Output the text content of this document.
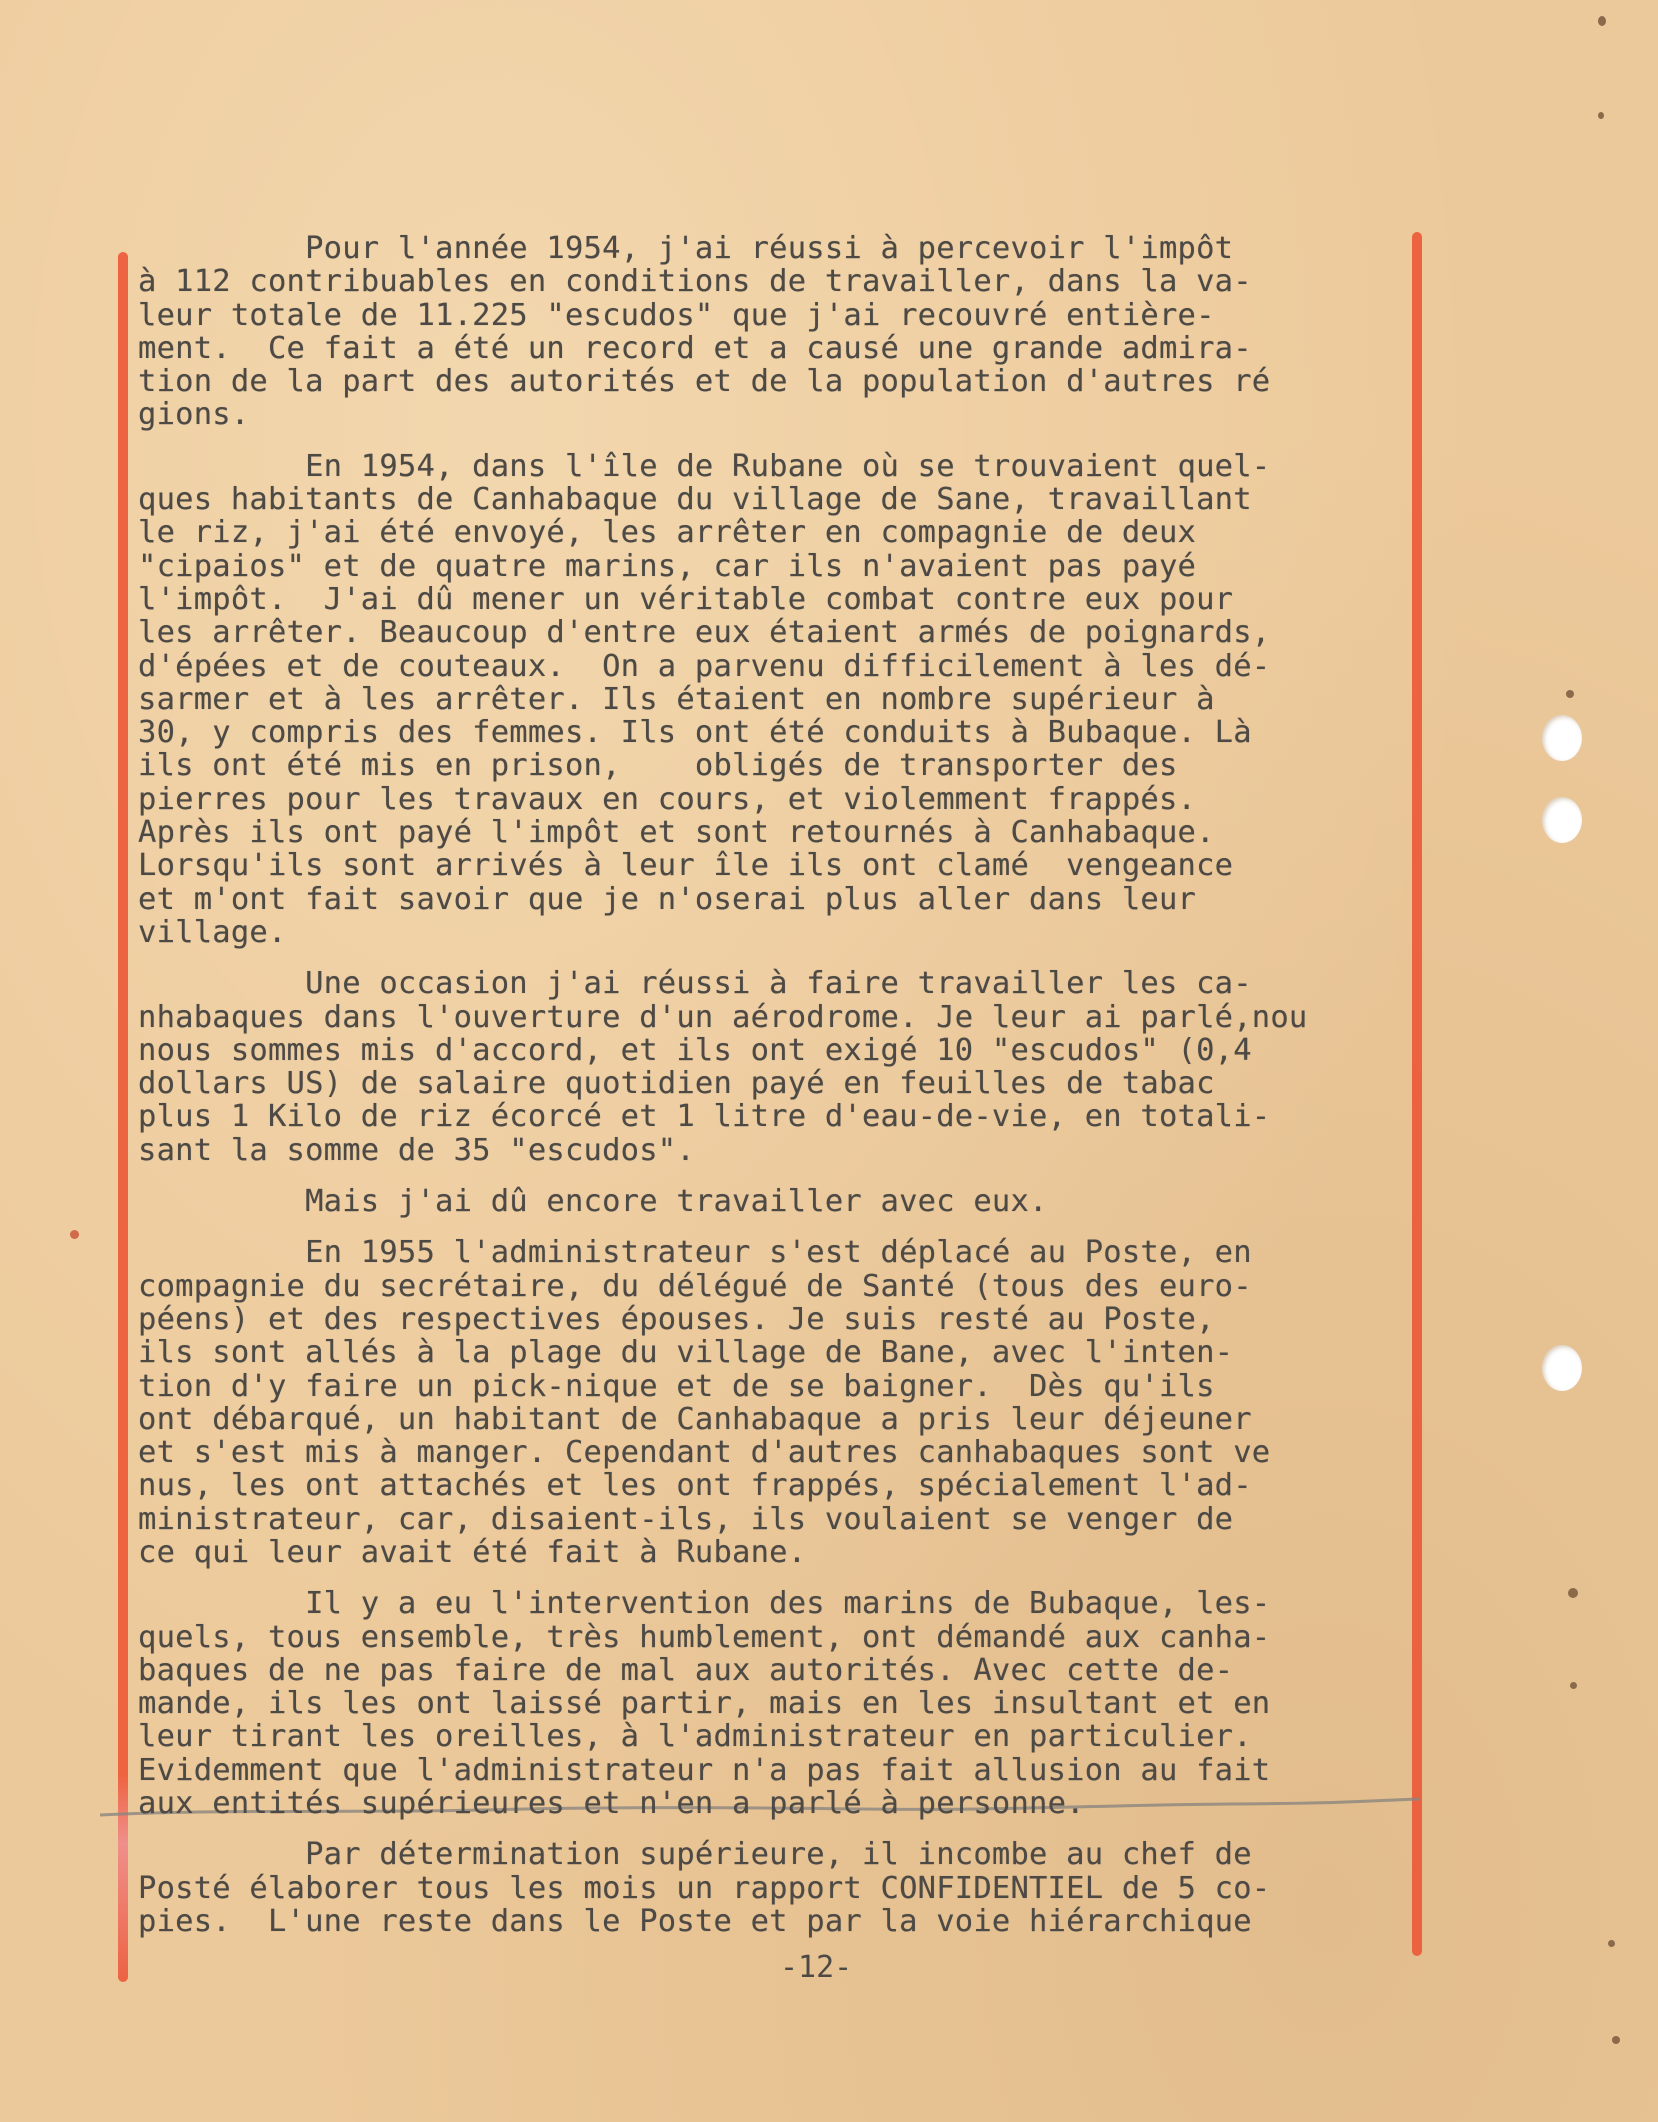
Pour l'année 1954, j'ai réussi à percevoir l'impôt
à 112 contribuables en conditions de travailler, dans la va-
leur totale de 11.225 "escudos" que j'ai recouvré entière-
ment.  Ce fait a été un record et a causé une grande admira-
tion de la part des autorités et de la population d'autres ré
gions.
En 1954, dans l'île de Rubane où se trouvaient quel-
ques habitants de Canhabaque du village de Sane, travaillant
le riz, j'ai été envoyé, les arrêter en compagnie de deux
"cipaios" et de quatre marins, car ils n'avaient pas payé
l'impôt.  J'ai dû mener un véritable combat contre eux pour
les arrêter. Beaucoup d'entre eux étaient armés de poignards,
d'épées et de couteaux.  On a parvenu difficilement à les dé-
sarmer et à les arrêter. Ils étaient en nombre supérieur à
30, y compris des femmes. Ils ont été conduits à Bubaque. Là
ils ont été mis en prison,    obligés de transporter des
pierres pour les travaux en cours, et violemment frappés.
Après ils ont payé l'impôt et sont retournés à Canhabaque.
Lorsqu'ils sont arrivés à leur île ils ont clamé  vengeance
et m'ont fait savoir que je n'oserai plus aller dans leur
village.
Une occasion j'ai réussi à faire travailler les ca-
nhabaques dans l'ouverture d'un aérodrome. Je leur ai parlé,nou
nous sommes mis d'accord, et ils ont exigé 10 "escudos" (0,4
dollars US) de salaire quotidien payé en feuilles de tabac
plus 1 Kilo de riz écorcé et 1 litre d'eau-de-vie, en totali-
sant la somme de 35 "escudos".
Mais j'ai dû encore travailler avec eux.
En 1955 l'administrateur s'est déplacé au Poste, en
compagnie du secrétaire, du délégué de Santé (tous des euro-
péens) et des respectives épouses. Je suis resté au Poste,
ils sont allés à la plage du village de Bane, avec l'inten-
tion d'y faire un pick-nique et de se baigner.  Dès qu'ils
ont débarqué, un habitant de Canhabaque a pris leur déjeuner
et s'est mis à manger. Cependant d'autres canhabaques sont ve
nus, les ont attachés et les ont frappés, spécialement l'ad-
ministrateur, car, disaient-ils, ils voulaient se venger de
ce qui leur avait été fait à Rubane.
Il y a eu l'intervention des marins de Bubaque, les-
quels, tous ensemble, très humblement, ont démandé aux canha-
baques de ne pas faire de mal aux autorités. Avec cette de-
mande, ils les ont laissé partir, mais en les insultant et en
leur tirant les oreilles, à l'administrateur en particulier.
Evidemment que l'administrateur n'a pas fait allusion au fait
aux entités supérieures et n'en a parlé à personne.
Par détermination supérieure, il incombe au chef de
Posté élaborer tous les mois un rapport CONFIDENTIEL de 5 co-
pies.  L'une reste dans le Poste et par la voie hiérarchique
-12-
